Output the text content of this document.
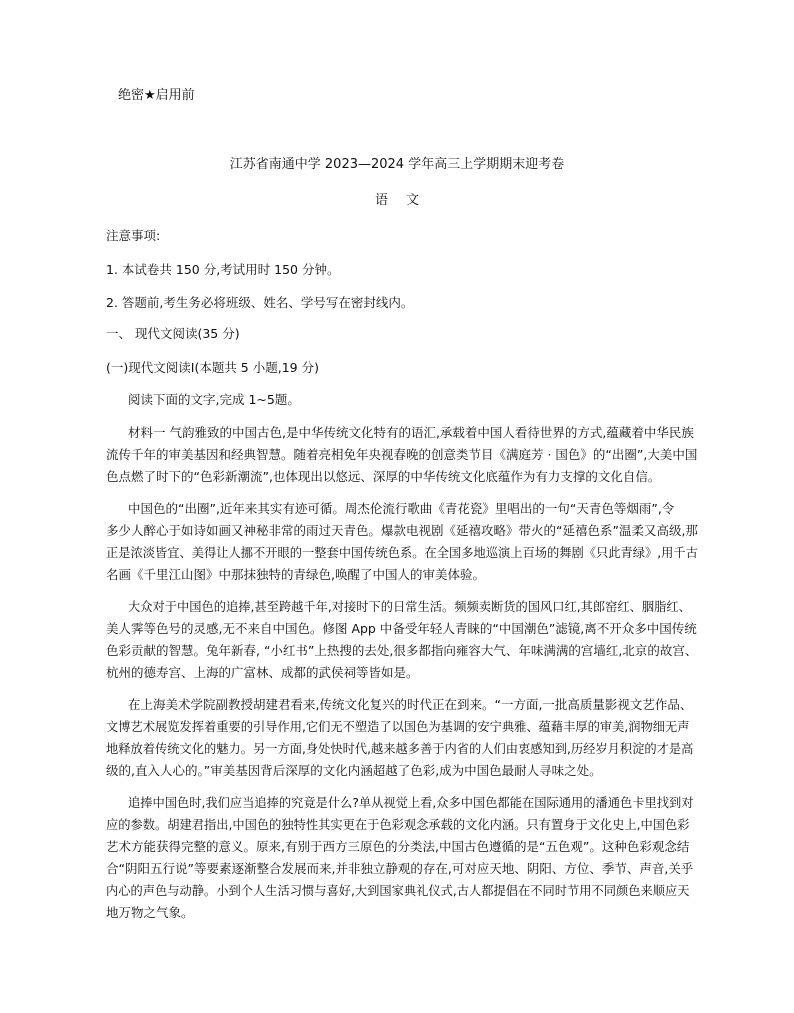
绝密★启用前
江苏省南通中学 2023—2024 学年高三上学期期末迎考卷
语文
注意事项:
1. 本试卷共 150 分,考试用时 150 分钟。
2. 答题前,考生务必将班级、姓名、学号写在密封线内。
一、 现代文阅读(35 分)
(一)现代文阅读Ⅰ(本题共 5 小题,19 分)
阅读下面的文字,完成 1~5题。
材料一 气韵雅致的中国古色,是中华传统文化特有的语汇,承载着中国人看待世界的方式,蕴藏着中华民族
流传千年的审美基因和经典智慧。随着亮相免年央视春晚的创意类节目《满庭芳 · 国色》的“出圈”,大美中国
色点燃了时下的“色彩新潮流”,也体现出以悠远、深厚的中华传统文化底蕴作为有力支撑的文化自信。
中国色的“出圈”,近年来其实有迹可循。周杰伦流行歌曲《青花瓷》里唱出的一句“天青色等烟雨”,令
多少人醉心于如诗如画又神秘非常的雨过天青色。爆款电视剧《延禧攻略》带火的“延禧色系”温柔又高级,那
正是浓淡皆宜、美得让人挪不开眼的一整套中国传统色系。在全国多地巡演上百场的舞剧《只此青绿》,用千古
名画《千里江山图》中那抹独特的青绿色,唤醒了中国人的审美体验。
大众对于中国色的追捧,甚至跨越千年,对接时下的日常生活。频频卖断货的国风口红,其郎窑红、胭脂红、
美人霁等色号的灵感,无不来自中国色。修图 App 中备受年轻人青睐的“中国潮色”滤镜,离不开众多中国传统
色彩贡献的智慧。兔年新春, “小红书”上热搜的去处,很多都指向雍容大气、年味满满的宫墙红,北京的故宫、
杭州的德寿宫、上海的广富林、成都的武侯祠等皆如是。
在上海美术学院副教授胡建君看来,传统文化复兴的时代正在到来。“一方面,一批高质量影视文艺作品、
文博艺术展览发挥着重要的引导作用,它们无不塑造了以国色为基调的安宁典雅、蕴藉丰厚的审美,润物细无声
地释放着传统文化的魅力。另一方面,身处快时代,越来越多善于内省的人们由衷感知到,历经岁月积淀的才是高
级的,直入人心的。”审美基因背后深厚的文化内涵超越了色彩,成为中国色最耐人寻味之处。
追捧中国色时,我们应当追捧的究竟是什么?单从视觉上看,众多中国色都能在国际通用的潘通色卡里找到对
应的参数。胡建君指出,中国色的独特性其实更在于色彩观念承载的文化内涵。只有置身于文化史上,中国色彩
艺术方能获得完整的意义。原来,有别于西方三原色的分类法,中国古色遵循的是“五色观”。这种色彩观念结
合“阴阳五行说”等要素逐渐整合发展而来,并非独立静观的存在,可对应天地、阴阳、方位、季节、声音,关乎
内心的声色与动静。小到个人生活习惯与喜好,大到国家典礼仪式,古人都提倡在不同时节用不同颜色来顺应天
地万物之气象。
